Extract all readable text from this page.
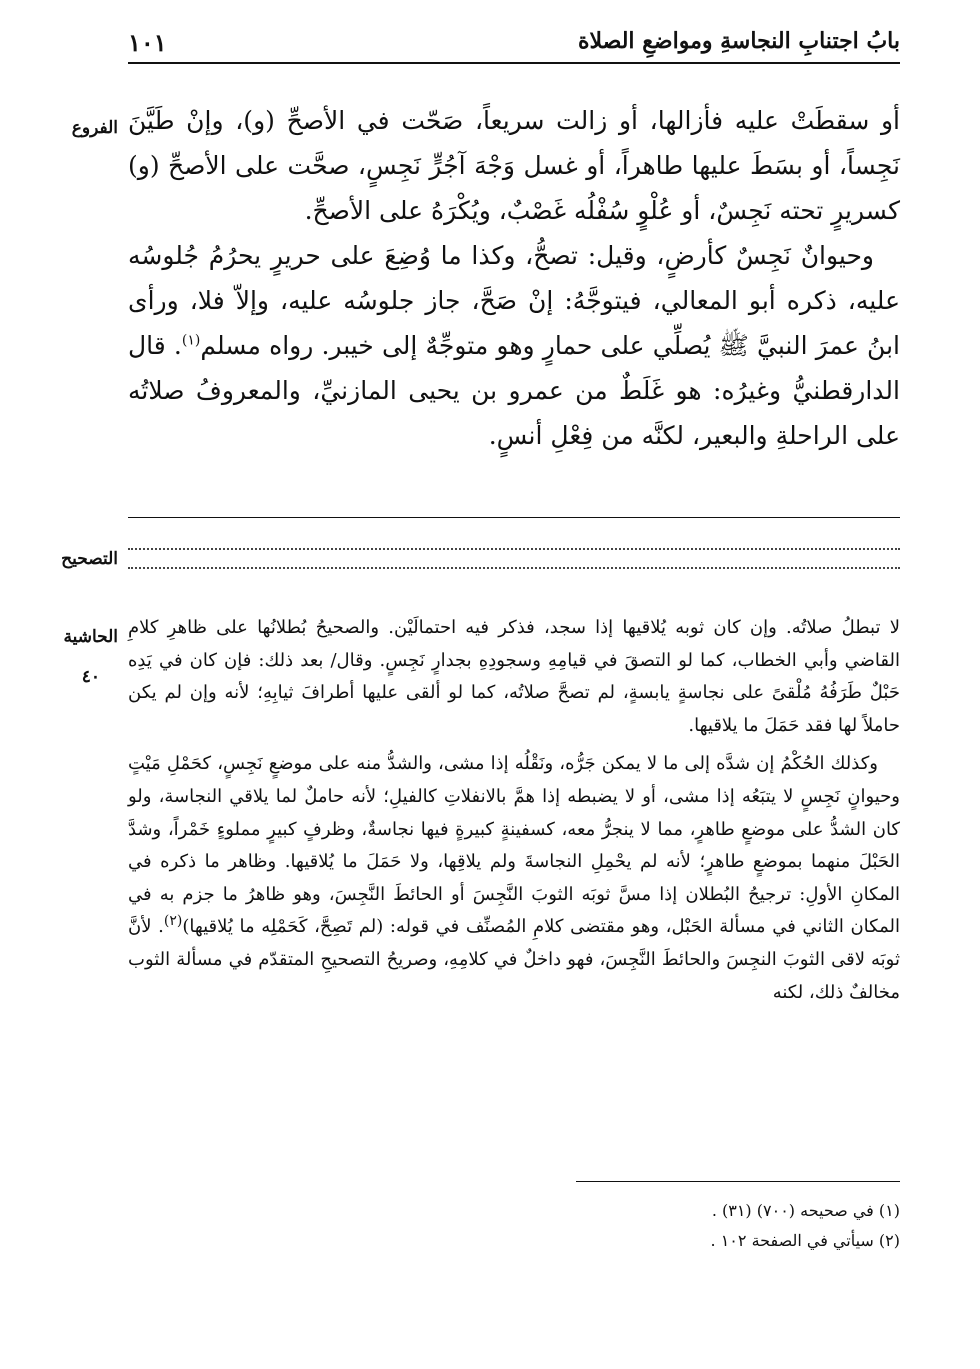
بابُ اجتنابِ النجاسةِ ومواضعِ الصلاة
١٠١
الفروع
التصحيح
الحاشية
٤٠

أو سقطَتْ عليه فأزالها، أو زالت سريعاً، صَحّت في الأصحِّ (و)، وإنْ طَيَّنَ نَجِساً، أو بسَطَ عليها طاهراً، أو غسل وَجْهَ آجُرٍّ نَجِسٍ، صحَّت على الأصحِّ (و) كسريرٍ تحته نَجِسٌ، أو عُلْوٍ سُفْلُه غَصْبٌ، ويُكْرَهُ على الأصحِّ.

وحيوانٌ نَجِسٌ كأرضٍ، وقيل: تصحُّ، وكذا ما وُضِعَ على حريرٍ يحرُمُ جُلوسُه عليه، ذكره أبو المعالي، فيتوجَّهُ: إنْ صَحَّ، جاز جلوسُه عليه، وإلاّ فلا، ورأى ابنُ عمرَ النبيَّ ﷺ يُصلِّي على حمارٍ وهو متوجِّهٌ إلى خيبر. رواه مسلم$^{(١)}$. قال الدارقطنيُّ وغيرُه: هو غَلَطٌ من عمرو بن يحيى المازنيِّ، والمعروفُ صلاتُه على الراحلةِ والبعير، لكنَّه من فِعْلِ أنسٍ.

لا تبطلُ صلاتُه. وإن كان ثوبه يُلاقيها إذا سجد، فذكر فيه احتمالَيْن. والصحيحُ بُطلانُها على ظاهرِ كلامِ القاضي وأبي الخطاب، كما لو التصقَ في قيامِهِ وسجودِهِ بجدارٍ نَجِسٍ. وقال/ بعد ذلك: فإن كان في يَدِه حَبْلٌ طَرَفُهُ مُلْقىً على نجاسةٍ يابسةٍ، لم تصحَّ صلاتُه، كما لو ألقى عليها أطرافَ ثيابِهِ؛ لأنه وإن لم يكن حاملاً لها فقد حَمَلَ ما يلاقيها.

وكذلك الحُكْمُ إن شدَّه إلى ما لا يمكن جَرُّه، ونَقْلُه إذا مشى، والشدُّ منه على موضعٍ نَجِسٍ، كحَمْلِ مَيْتٍ وحيوانٍ نَجِسٍ لا يتبَعُه إذا مشى، أو لا يضبطه إذا همَّ بالانفلاتِ كالفيلِ؛ لأنه حاملٌ لما يلاقي النجاسة، ولو كان الشدُّ على موضعٍ طاهرٍ، مما لا ينجرُّ معه، كسفينةٍ كبيرةٍ فيها نجاسةٌ، وظرفٍ كبيرٍ مملوءٍ خَمْراً، وشدَّ الحَبْلَ منهما بموضعٍ طاهرٍ؛ لأنه لم يحْمِلِ النجاسةَ ولم يلاقِها، ولا حَمَلَ ما يُلاقيها. وظاهر ما ذكره في المكانِ الأولِ: ترجيحُ البُطلان إذا مسَّ ثوبَه الثوبَ النَّجِسَ أو الحائطَ النَّجِسَ، وهو ظاهرُ ما جزم به في المكان الثاني في مسألة الحَبْل، وهو مقتضى كلامِ المُصنِّف في قوله: (لم تَصِحَّ، كَحَمْلِه ما يُلاقيها)$^{(٢)}$. لأنَّ ثوبَه لاقى الثوبَ النجِسَ والحائطَ النَّجِسَ، فهو داخلٌ في كلامِهِ، وصريحُ التصحيحِ المتقدّم في مسألة الثوب مخالفٌ ذلك، لكنه

(١) في صحيحه (٧٠٠) (٣١) .
(٢) سيأتي في الصفحة ١٠٢ .
